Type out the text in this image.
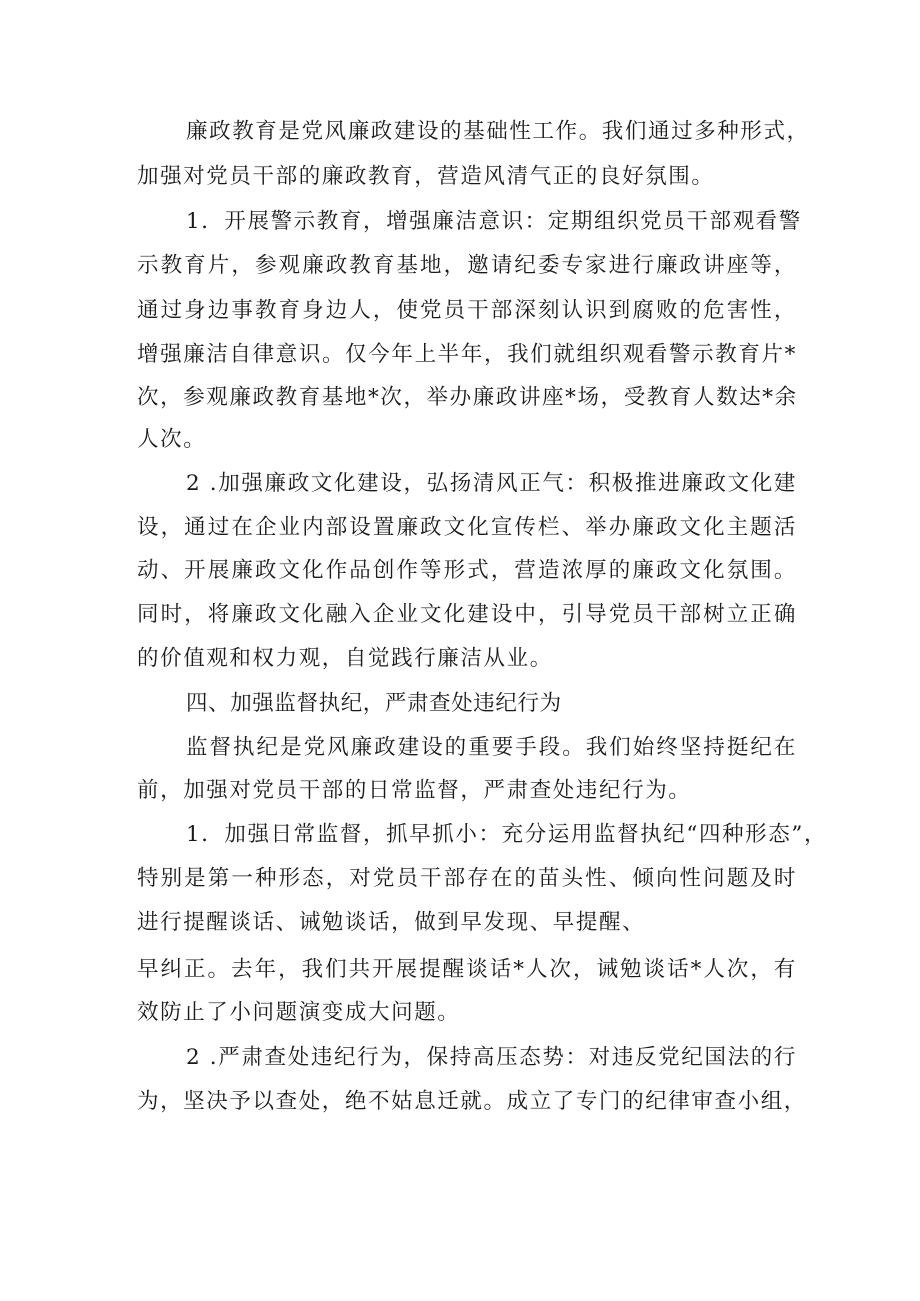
廉政教育是党风廉政建设的基础性工作。我们通过多种形式，
加强对党员干部的廉政教育，营造风清气正的良好氛围。
1．开展警示教育，增强廉洁意识：定期组织党员干部观看警
示教育片，参观廉政教育基地，邀请纪委专家进行廉政讲座等，
通过身边事教育身边人，使党员干部深刻认识到腐败的危害性，
增强廉洁自律意识。仅今年上半年，我们就组织观看警示教育片*
次，参观廉政教育基地*次，举办廉政讲座*场，受教育人数达*余
人次。
2 .加强廉政文化建设，弘扬清风正气：积极推进廉政文化建
设，通过在企业内部设置廉政文化宣传栏、举办廉政文化主题活
动、开展廉政文化作品创作等形式，营造浓厚的廉政文化氛围。
同时，将廉政文化融入企业文化建设中，引导党员干部树立正确
的价值观和权力观，自觉践行廉洁从业。
四、加强监督执纪，严肃查处违纪行为
监督执纪是党风廉政建设的重要手段。我们始终坚持挺纪在
前，加强对党员干部的日常监督，严肃查处违纪行为。
1．加强日常监督，抓早抓小：充分运用监督执纪“四种形态”，
特别是第一种形态，对党员干部存在的苗头性、倾向性问题及时
进行提醒谈话、诫勉谈话，做到早发现、早提醒、
早纠正。去年，我们共开展提醒谈话*人次，诫勉谈话*人次，有
效防止了小问题演变成大问题。
2 .严肃查处违纪行为，保持高压态势：对违反党纪国法的行
为，坚决予以查处，绝不姑息迁就。成立了专门的纪律审查小组，
